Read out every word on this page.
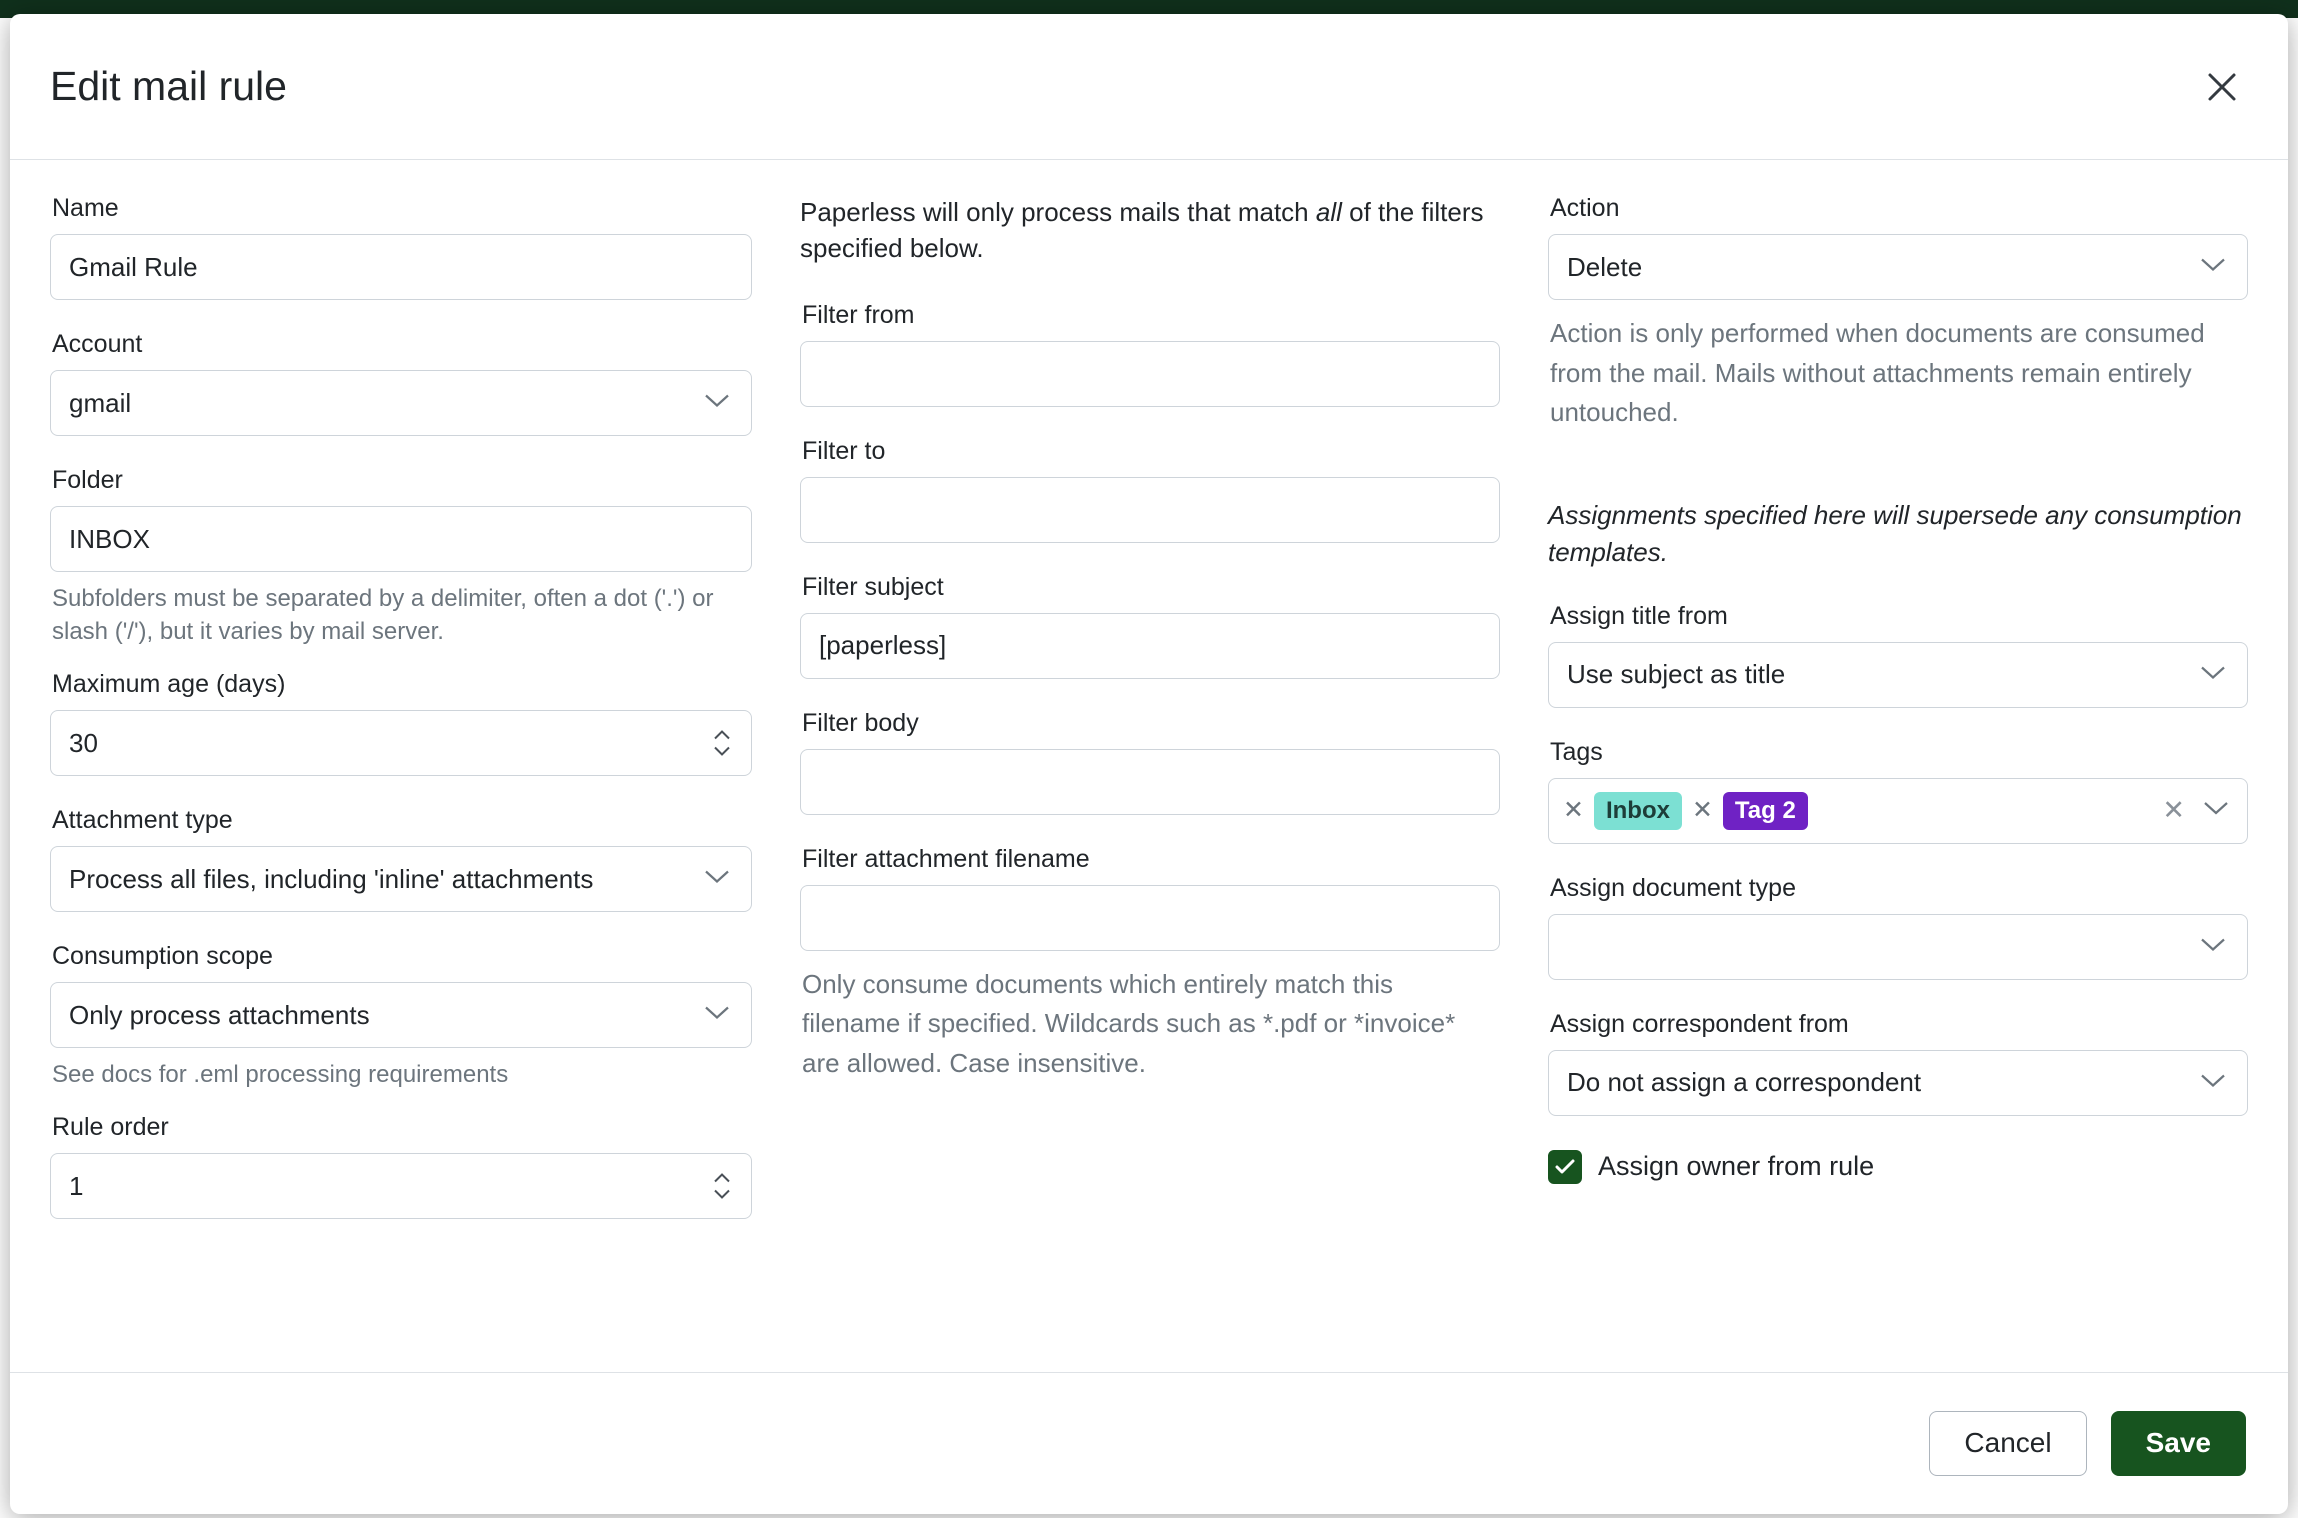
Edit mail rule
Name
Gmail Rule
Account
gmail
Folder
INBOX
Subfolders must be separated by a delimiter, often a dot ('.') or slash ('/'), but it varies by mail server.
Maximum age (days)
30
Attachment type
Process all files, including 'inline' attachments
Consumption scope
Only process attachments
See docs for .eml processing requirements
Rule order
1

Paperless will only process mails that match all of the filters specified below.

Filter from
Filter to
Filter subject
[paperless]
Filter body
Filter attachment filename
Only consume documents which entirely match this filename if specified. Wildcards such as *.pdf or *invoice* are allowed. Case insensitive.
Action
Delete
Action is only performed when documents are consumed from the mail. Mails without attachments remain entirely untouched.

Assignments specified here will supersede any consumption templates.

Assign title from
Use subject as title
Tags
✕ Inbox ✕ Tag 2	✕
Assign document type
Assign correspondent from
Do not assign a correspondent
Assign owner from rule
Cancel	Save
